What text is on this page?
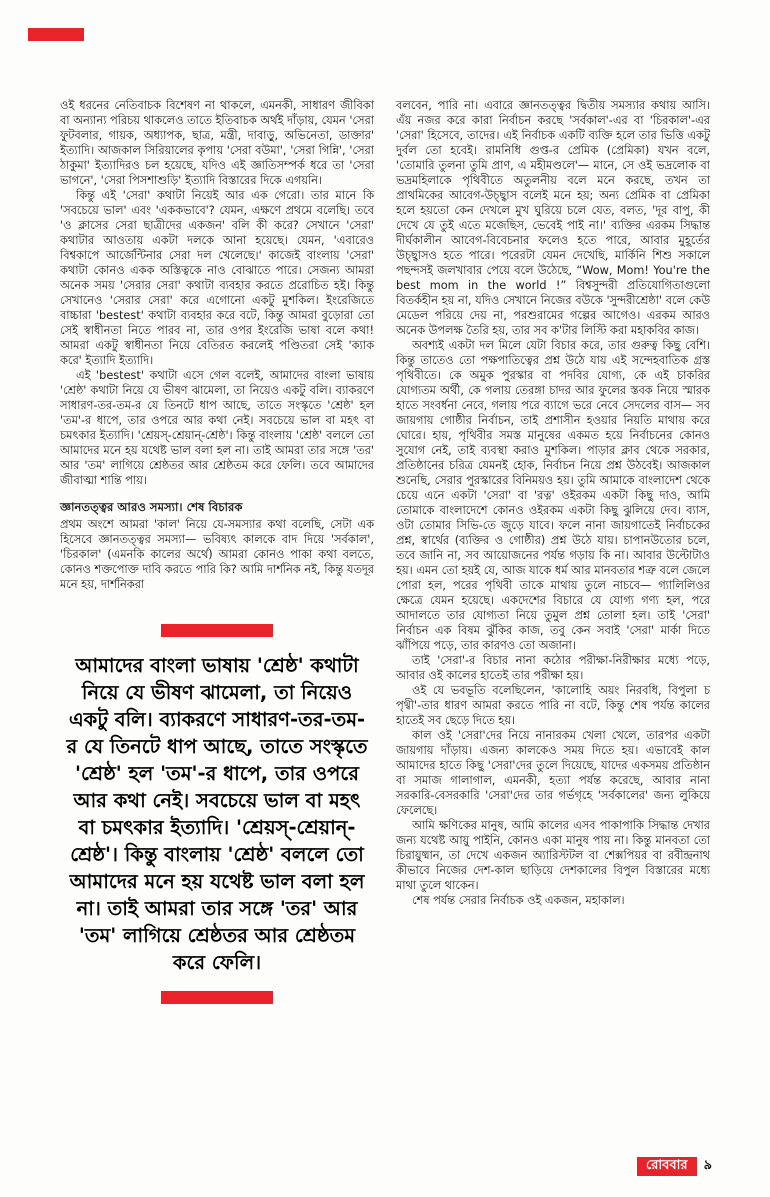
ওই ধরনের নেতিবাচক বিশেষণ না থাকলে, এমনকী, সাধারণ জীবিকা বা অন্যান্য পরিচয় থাকলেও তাতে ইতিবাচক অর্থই দাঁড়ায়, যেমন 'সেরা ফুটবলার, গায়ক, অধ্যাপক, ছাত্র, মন্ত্রী, দাবাড়ু, অভিনেতা, ডাক্তার' ইত্যাদি। আজকাল সিরিয়ালের কৃপায় 'সেরা বউমা', 'সেরা গিন্নি', 'সেরা ঠাকুমা' ইত্যাদিরও চল হয়েছে, যদিও এই জ্ঞাতিসম্পর্ক ধরে তা 'সেরা ভাগনে', 'সেরা পিসশাশুড়ি' ইত্যাদি বিস্তারের দিকে এগয়নি।

কিন্তু এই 'সেরা' কথাটা নিয়েই আর এক গেরো। তার মানে কি 'সবচেয়ে ভাল' এবং 'এককভাবে'? যেমন, এক্ষণে প্রথমে বলেছি। তবে 'ও ক্লাসের সেরা ছাত্রীদের একজন' বলি কী করে? সেখানে 'সেরা' কথাটার আওতায় একটা দলকে আনা হয়েছে। যেমন, 'এবারেও বিশ্বকাপে আর্জেন্টিনার সেরা দল খেলেছে।' কাজেই বাংলায় 'সেরা' কথাটা কোনও একক অস্তিত্বকে নাও বোঝাতে পারে। সেজন্য আমরা অনেক সময় 'সেরার সেরা' কথাটা ব্যবহার করতে প্ররোচিত হই। কিন্তু সেখানেও 'সেরার সেরা' করে এগোনো একটু মুশকিল। ইংরেজিতে বাচ্চারা 'bestest' কথাটা ব্যবহার করে বটে, কিন্তু আমরা বুড়োরা তো সেই স্বাধীনতা নিতে পারব না, তার ওপর ইংরেজি ভাষা বলে কথা! আমরা একটু স্বাধীনতা নিয়ে বেতিরত করলেই পণ্ডিতরা সেই 'ক্যাক করে' ইত্যাদি ইত্যাদি।

এই 'bestest' কথাটা এসে গেল বলেই, আমাদের বাংলা ভাষায় 'শ্রেষ্ঠ' কথাটা নিয়ে যে ভীষণ ঝামেলা, তা নিয়েও একটু বলি। ব্যাকরণে সাধারণ-তর-তম-র যে তিনটে ধাপ আছে, তাতে সংস্কৃতে 'শ্রেষ্ঠ' হল 'তম'-র ধাপে, তার ওপরে আর কথা নেই। সবচেয়ে ভাল বা মহৎ বা চমৎকার ইত্যাদি। 'শ্রেয়স্-শ্রেয়ান্-শ্রেষ্ঠ'। কিন্তু বাংলায় 'শ্রেষ্ঠ' বললে তো আমাদের মনে হয় যথেষ্ট ভাল বলা হল না। তাই আমরা তার সঙ্গে 'তর' আর 'তম' লাগিয়ে শ্রেষ্ঠতর আর শ্রেষ্ঠতম করে ফেলি। তবে আমাদের জীবাত্মা শান্তি পায়।

জ্ঞানতত্ত্বর আরও সমস্যা। শেষ বিচারক

প্রথম অংশে আমরা 'কাল' নিয়ে যে-সমস্যার কথা বলেছি, সেটা এক হিসেবে জ্ঞানতত্ত্বর সমস্যা— ভবিষ্যৎ কালকে বাদ দিয়ে 'সর্বকাল', 'চিরকাল' (এমনকি কালের অর্থে) আমরা কোনও পাকা কথা বলতে, কোনও শক্তপোক্ত দাবি করতে পারি কি? আমি দার্শনিক নই, কিন্তু যতদূর মনে হয়, দার্শনিকরা

আমাদের বাংলা ভাষায় 'শ্রেষ্ঠ' কথাটা নিয়ে যে ভীষণ ঝামেলা, তা নিয়েও একটু বলি। ব্যাকরণে সাধারণ-তর-তম-র যে তিনটে ধাপ আছে, তাতে সংস্কৃতে 'শ্রেষ্ঠ' হল 'তম'-র ধাপে, তার ওপরে আর কথা নেই। সবচেয়ে ভাল বা মহৎ বা চমৎকার ইত্যাদি। 'শ্রেয়স্-শ্রেয়ান্-শ্রেষ্ঠ'। কিন্তু বাংলায় 'শ্রেষ্ঠ' বললে তো আমাদের মনে হয় যথেষ্ট ভাল বলা হল না। তাই আমরা তার সঙ্গে 'তর' আর 'তম' লাগিয়ে শ্রেষ্ঠতর আর শ্রেষ্ঠতম করে ফেলি।

বলবেন, পারি না। এবারে জ্ঞানতত্ত্বর দ্বিতীয় সমস্যার কথায় আসি। এঁয় নজর করে কারা নির্বাচন করছে 'সর্বকাল'-এর বা 'চিরকাল'-এর 'সেরা' হিসেবে, তাদের। এই নির্বাচক একটি ব্যক্তি হলে তার ভিত্তি একটু দুর্বল তো হবেই। রামনিধি গুপ্ত-র প্রেমিক (প্রেমিকা) যখন বলে, 'তোমারি তুলনা তুমি প্রাণ, এ মহীমণ্ডলে'— মানে, সে ওই ভদ্রলোক বা ভদ্রমহিলাকে পৃথিবীতে অতুলনীয় বলে মনে করছে, তখন তা প্রাথমিকের আবেগ-উচ্ছ্বাস বলেই মনে হয়; অন্য প্রেমিক বা প্রেমিকা হলে হয়তো কেন দেখলে মুখ ঘুরিয়ে চলে যেত, বলত, 'দূর বাপু, কী দেখে যে তুই এতে মজেছিস, ভেবেই পাই না।' ব্যক্তির এরকম সিদ্ধান্ত দীর্ঘকালীন আবেগ-বিবেচনার ফলেও হতে পারে, আবার মুহূর্তের উচ্ছ্বাসও হতে পারে। পরেরটা যেমন দেখেছি, মার্কিনি শিশু সকালে পছন্দসই জলখাবার পেয়ে বলে উঠেছে, “Wow, Mom! You're the best mom in the world !” বিশ্বসুন্দরী প্রতিযোগিতাগুলো বিতর্কহীন হয় না, যদিও সেখানে নিজের বউকে 'সুন্দরীশ্রেষ্ঠা' বলে কেউ মেডেল পরিয়ে দেয় না, পরশুরামের গল্পের আগেও। এরকম আরও অনেক উপলক্ষ তৈরি হয়, তার সব ক'টার লিস্টি করা মহাকবির কাজ।

অবশ্যই একটা দল মিলে যেটা বিচার করে, তার গুরুত্ব কিছু বেশি। কিন্তু তাতেও তো পক্ষপাতিত্বের প্রশ্ন উঠে যায় এই সন্দেহবাতিক গ্রস্ত পৃথিবীতে। কে অমুক পুরস্কার বা পদবির যোগ্য, কে এই চাকরির যোগ্যতম অর্থী, কে গলায় তেরঙ্গা চাদর আর ফুলের স্তবক নিয়ে স্মারক হাতে সংবর্ধনা নেবে, গলায় পরে ব্যাগে ভরে নেবে সেদলের বাস— সব জায়গায় গোষ্ঠীর নির্বাচন, তাই প্রশাসীন হওয়ার নিয়তি মাথায় করে ঘোরে। হায়, পৃথিবীর সমস্ত মানুষের একমত হয়ে নির্বাচনের কোনও সুযোগ নেই, তাই ব্যবস্থা করাও মুশকিল। পাড়ার ক্লাব থেকে সরকার, প্রতিষ্ঠানের চরিত্র যেমনই হোক, নির্বাচন নিয়ে প্রশ্ন উঠবেই। আজকাল শুনেছি, সেরার পুরস্কারের বিনিময়ও হয়। তুমি আমাকে বাংলাদেশ থেকে চেয়ে এনে একটা 'সেরা' বা 'রত্ন' ওইরকম একটা কিছু দাও, আমি তোমাকে বাংলাদেশে কোনও ওইরকম একটা কিছু ঝুলিয়ে দেব। ব্যাস, ওটা তোমার সিভি-তে জুড়ে যাবে। ফলে নানা জায়গাতেই নির্বাচকের প্রশ্ন, স্বার্থের (ব্যক্তির ও গোষ্ঠীর) প্রশ্ন উঠে যায়। চাপানউতোর চলে, তবে জানি না, সব আয়োজনের পর্যন্ত গড়ায় কি না। আবার উল্টোটাও হয়। এমন তো হয়ই যে, আজ যাকে ধর্ম আর মানবতার শত্রু বলে জেলে পোরা হল, পরের পৃথিবী তাকে মাথায় তুলে নাচবে— গ্যালিলিওর ক্ষেত্রে যেমন হয়েছে। একদেশের বিচারে যে যোগ্য গণ্য হল, পরে আদালতে তার যোগ্যতা নিয়ে তুমুল প্রশ্ন তোলা হল। তাই 'সেরা' নির্বাচন এক বিষম ঝুঁকির কাজ, তবু কেন সবাই 'সেরা' মার্কা দিতে ঝাঁপিয়ে পড়ে, তার কারণও তো অজানা।

তাই 'সেরা'-র বিচার নানা কঠোর পরীক্ষা-নিরীক্ষার মধ্যে পড়ে, আবার ওই কালের হাতেই তার পরীক্ষা হয়।

ওই যে ভবভূতি বলেছিলেন, 'কালোহি অয়ং নিরবধি, বিপুলা চ পৃথ্বী'-তার ধারণ আমরা করতে পারি না বটে, কিন্তু শেষ পর্যন্ত কালের হাতেই সব ছেড়ে দিতে হয়।

কাল ওই 'সেরা'দের নিয়ে নানারকম খেলা খেলে, তারপর একটা জায়গায় দাঁড়ায়। এজন্য কালকেও সময় দিতে হয়। এভাবেই কাল আমাদের হাতে কিছু 'সেরা'দের তুলে দিয়েছে, যাদের একসময় প্রতিষ্ঠান বা সমাজ গালাগাল, এমনকী, হত্যা পর্যন্ত করেছে, আবার নানা সরকারি-বেসরকারি 'সেরা'দের তার গর্ভগৃহে 'সর্বকালের' জন্য লুকিয়ে ফেলেছে।

আমি ক্ষণিকের মানুষ, আমি কালের এসব পাকাপাকি সিদ্ধান্ত দেখার জন্য যথেষ্ট আয়ু পাইনি, কোনও একা মানুষ পায় না। কিন্তু মানবতা তো চিরায়ুষ্মান, তা দেখে একজন অ্যারিস্টটল বা শেক্সপিয়র বা রবীন্দ্রনাথ কীভাবে নিজের দেশ-কাল ছাড়িয়ে দেশকালের বিপুল বিস্তারের মধ্যে মাথা তুলে থাকেন।

শেষ পর্যন্ত সেরার নির্বাচক ওই একজন, মহাকাল।

রোববার	৯
